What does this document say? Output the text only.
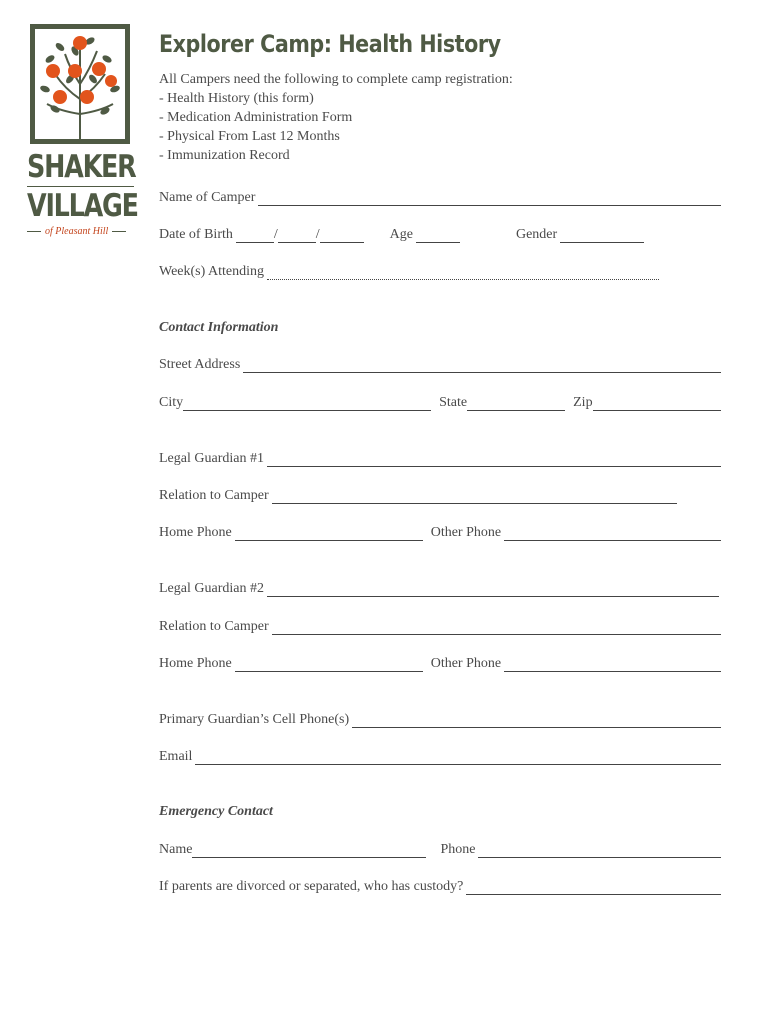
SHAKER
VILLAGE
of Pleasant Hill
Explorer Camp: Health History
All Campers need the following to complete camp registration:
- Health History (this form)
- Medication Administration Form
- Physical From Last 12 Months
- Immunization Record
Name of Camper
Date of Birth	/	/	Age	Gender
Week(s) Attending
Contact Information
Street Address
City	State	Zip
Legal Guardian #1
Relation to Camper
Home Phone	Other Phone
Legal Guardian #2
Relation to Camper
Home Phone	Other Phone
Primary Guardian’s Cell Phone(s)
Email
Emergency Contact
Name	Phone
If parents are divorced or separated, who has custody?
